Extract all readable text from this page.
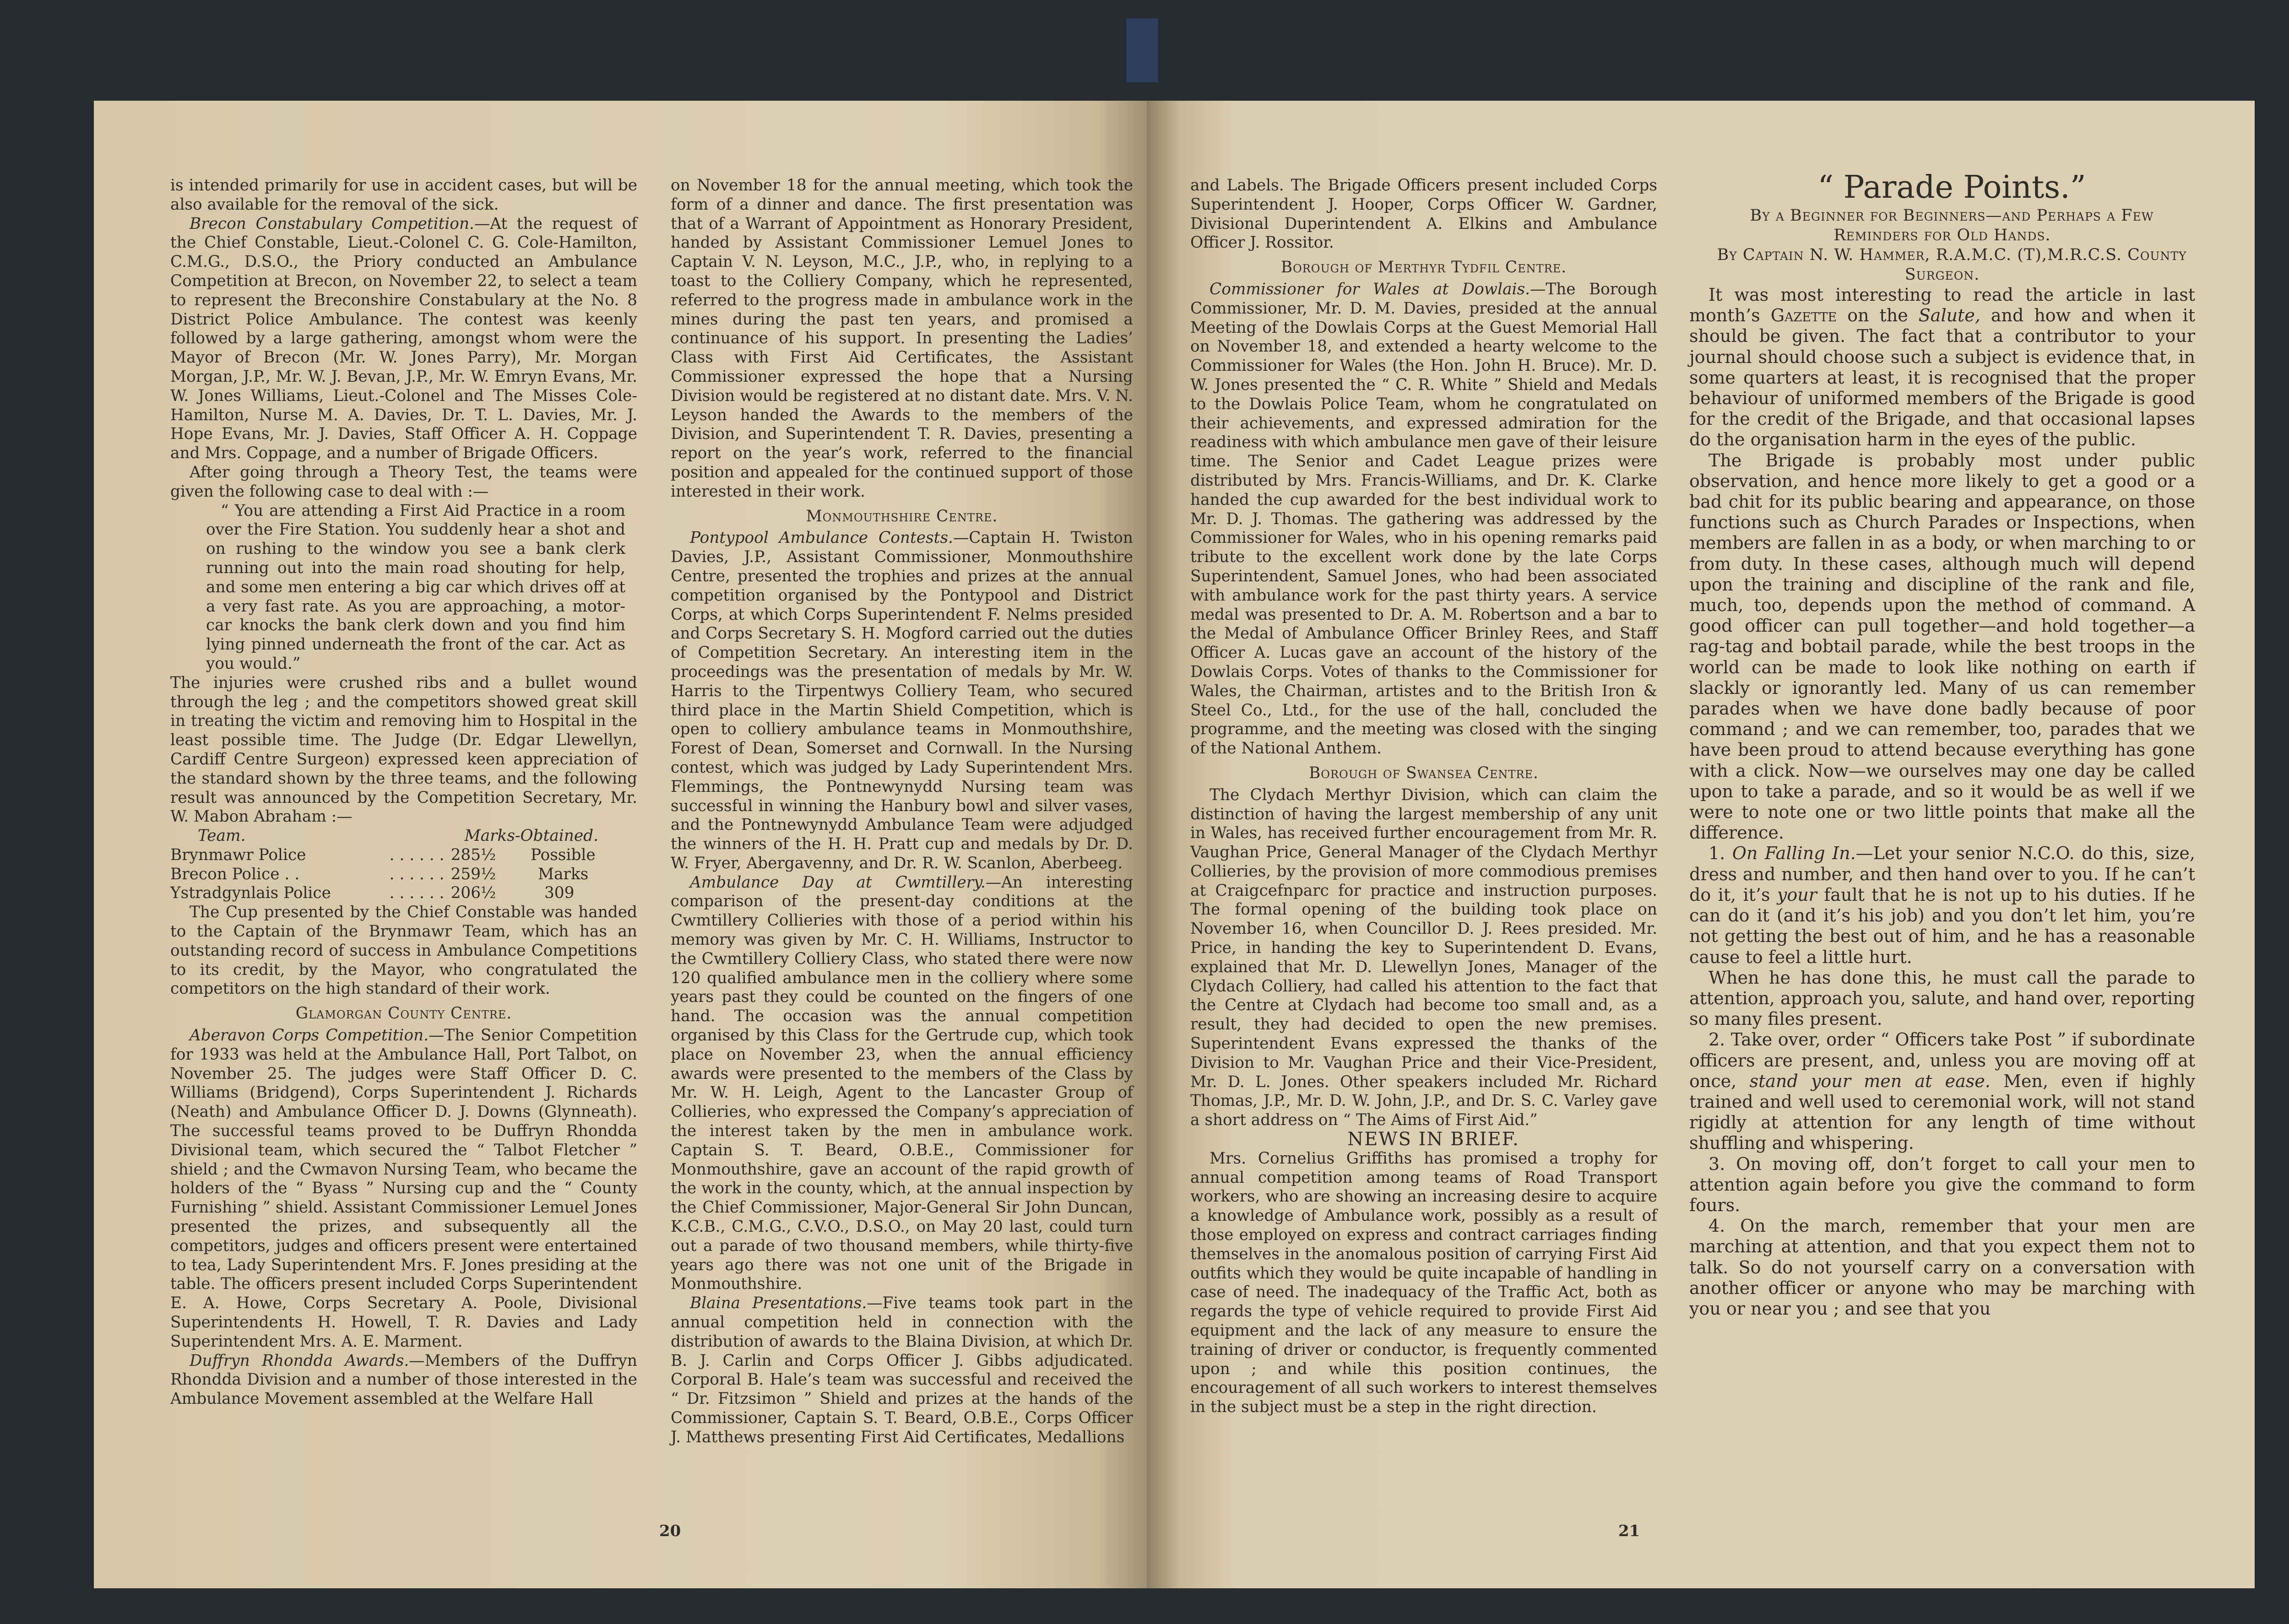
is intended primarily for use in accident cases, but will be also available for the removal of the sick.

Brecon Constabulary Competition.—At the request of the Chief Constable, Lieut.-Colonel C. G. Cole-Hamilton, C.M.G., D.S.O., the Priory conducted an Ambulance Competition at Brecon, on November 22, to select a team to represent the Breconshire Constabulary at the No. 8 District Police Ambulance. The contest was keenly followed by a large gathering, amongst whom were the Mayor of Brecon (Mr. W. Jones Parry), Mr. Morgan Morgan, J.P., Mr. W. J. Bevan, J.P., Mr. W. Emryn Evans, Mr. W. Jones Williams, Lieut.-Colonel and The Misses Cole-Hamilton, Nurse M. A. Davies, Dr. T. L. Davies, Mr. J. Hope Evans, Mr. J. Davies, Staff Officer A. H. Coppage and Mrs. Coppage, and a number of Brigade Officers.

After going through a Theory Test, the teams were given the following case to deal with :—

“ You are attending a First Aid Practice in a room over the Fire Station. You suddenly hear a shot and on rushing to the window you see a bank clerk running out into the main road shouting for help, and some men entering a big car which drives off at a very fast rate. As you are approaching, a motor-car knocks the bank clerk down and you find him lying pinned underneath the front of the car. Act as you would.”

The injuries were crushed ribs and a bullet wound through the leg ; and the competitors showed great skill in treating the victim and removing him to Hospital in the least possible time. The Judge (Dr. Edgar Llewellyn, Cardiff Centre Surgeon) expressed keen appreciation of the standard shown by the three teams, and the following result was announced by the Competition Secretary, Mr. W. Mabon Abraham :—

Team.		Marks-Obtained.	
Brynmawr Police	. . . . . .	285½	Possible
Brecon Police . .	. . . . . .	259½	Marks
Ystradgynlais Police	. . . . . .	206½	309

The Cup presented by the Chief Constable was handed to the Captain of the Brynmawr Team, which has an outstanding record of success in Ambulance Competitions to its credit, by the Mayor, who congratulated the competitors on the high standard of their work.

Glamorgan County Centre.

Aberavon Corps Competition.—The Senior Competition for 1933 was held at the Ambulance Hall, Port Talbot, on November 25. The judges were Staff Officer D. C. Williams (Bridgend), Corps Superintendent J. Richards (Neath) and Ambulance Officer D. J. Downs (Glynneath). The successful teams proved to be Duffryn Rhondda Divisional team, which secured the “ Talbot Fletcher ” shield ; and the Cwmavon Nursing Team, who became the holders of the “ Byass ” Nursing cup and the “ County Furnishing ” shield. Assistant Commissioner Lemuel Jones presented the prizes, and subsequently all the competitors, judges and officers present were entertained to tea, Lady Superintendent Mrs. F. Jones presiding at the table. The officers present included Corps Superintendent E. A. Howe, Corps Secretary A. Poole, Divisional Superintendents H. Howell, T. R. Davies and Lady Superintendent Mrs. A. E. Marment.

Duffryn Rhondda Awards.—Members of the Duffryn Rhondda Division and a number of those interested in the Ambulance Movement assembled at the Welfare Hall

on November 18 for the annual meeting, which took the form of a dinner and dance. The first presentation was that of a Warrant of Appointment as Honorary President, handed by Assistant Commissioner Lemuel Jones to Captain V. N. Leyson, M.C., J.P., who, in replying to a toast to the Colliery Company, which he represented, referred to the progress made in ambulance work in the mines during the past ten years, and promised a continuance of his support. In presenting the Ladies’ Class with First Aid Certificates, the Assistant Commissioner expressed the hope that a Nursing Division would be registered at no distant date. Mrs. V. N. Leyson handed the Awards to the members of the Division, and Superintendent T. R. Davies, presenting a report on the year’s work, referred to the financial position and appealed for the continued support of those interested in their work.

Monmouthshire Centre.

Pontypool Ambulance Contests.—Captain H. Twiston Davies, J.P., Assistant Commissioner, Monmouthshire Centre, presented the trophies and prizes at the annual competition organised by the Pontypool and District Corps, at which Corps Superintendent F. Nelms presided and Corps Secretary S. H. Mogford carried out the duties of Competition Secretary. An interesting item in the proceedings was the presentation of medals by Mr. W. Harris to the Tirpentwys Colliery Team, who secured third place in the Martin Shield Competition, which is open to colliery ambulance teams in Monmouthshire, Forest of Dean, Somerset and Cornwall. In the Nursing contest, which was judged by Lady Superintendent Mrs. Flemmings, the Pontnewynydd Nursing team was successful in winning the Hanbury bowl and silver vases, and the Pontnewynydd Ambulance Team were adjudged the winners of the H. H. Pratt cup and medals by Dr. D. W. Fryer, Abergavenny, and Dr. R. W. Scanlon, Aberbeeg.

Ambulance Day at Cwmtillery.—An interesting comparison of the present-day conditions at the Cwmtillery Collieries with those of a period within his memory was given by Mr. C. H. Williams, Instructor to the Cwmtillery Colliery Class, who stated there were now 120 qualified ambulance men in the colliery where some years past they could be counted on the fingers of one hand. The occasion was the annual competition organised by this Class for the Gertrude cup, which took place on November 23, when the annual efficiency awards were presented to the members of the Class by Mr. W. H. Leigh, Agent to the Lancaster Group of Collieries, who expressed the Company’s appreciation of the interest taken by the men in ambulance work. Captain S. T. Beard, O.B.E., Commissioner for Monmouthshire, gave an account of the rapid growth of the work in the county, which, at the annual inspection by the Chief Commissioner, Major-General Sir John Duncan, K.C.B., C.M.G., C.V.O., D.S.O., on May 20 last, could turn out a parade of two thousand members, while thirty-five years ago there was not one unit of the Brigade in Monmouthshire.

Blaina Presentations.—Five teams took part in the annual competition held in connection with the distribution of awards to the Blaina Division, at which Dr. B. J. Carlin and Corps Officer J. Gibbs adjudicated. Corporal B. Hale’s team was successful and received the “ Dr. Fitzsimon ” Shield and prizes at the hands of the Commissioner, Captain S. T. Beard, O.B.E., Corps Officer J. Matthews presenting First Aid Certificates, Medallions

20

and Labels. The Brigade Officers present included Corps Superintendent J. Hooper, Corps Officer W. Gardner, Divisional Duperintendent A. Elkins and Ambulance Officer J. Rossitor.

Borough of Merthyr Tydfil Centre.

Commissioner for Wales at Dowlais.—The Borough Commissioner, Mr. D. M. Davies, presided at the annual Meeting of the Dowlais Corps at the Guest Memorial Hall on November 18, and extended a hearty welcome to the Commissioner for Wales (the Hon. John H. Bruce). Mr. D. W. Jones presented the “ C. R. White ” Shield and Medals to the Dowlais Police Team, whom he congratulated on their achievements, and expressed admiration for the readiness with which ambulance men gave of their leisure time. The Senior and Cadet League prizes were distributed by Mrs. Francis-Williams, and Dr. K. Clarke handed the cup awarded for the best individual work to Mr. D. J. Thomas. The gathering was addressed by the Commissioner for Wales, who in his opening remarks paid tribute to the excellent work done by the late Corps Superintendent, Samuel Jones, who had been associated with ambulance work for the past thirty years. A service medal was presented to Dr. A. M. Robertson and a bar to the Medal of Ambulance Officer Brinley Rees, and Staff Officer A. Lucas gave an account of the history of the Dowlais Corps. Votes of thanks to the Commissioner for Wales, the Chairman, artistes and to the British Iron & Steel Co., Ltd., for the use of the hall, concluded the programme, and the meeting was closed with the singing of the National Anthem.

Borough of Swansea Centre.

The Clydach Merthyr Division, which can claim the distinction of having the largest membership of any unit in Wales, has received further encouragement from Mr. R. Vaughan Price, General Manager of the Clydach Merthyr Collieries, by the provision of more commodious premises at Craigcefnparc for practice and instruction purposes. The formal opening of the building took place on November 16, when Councillor D. J. Rees presided. Mr. Price, in handing the key to Superintendent D. Evans, explained that Mr. D. Llewellyn Jones, Manager of the Clydach Colliery, had called his attention to the fact that the Centre at Clydach had become too small and, as a result, they had decided to open the new premises. Superintendent Evans expressed the thanks of the Division to Mr. Vaughan Price and their Vice-President, Mr. D. L. Jones. Other speakers included Mr. Richard Thomas, J.P., Mr. D. W. John, J.P., and Dr. S. C. Varley gave a short address on “ The Aims of First Aid.”

NEWS IN BRIEF.

Mrs. Cornelius Griffiths has promised a trophy for annual competition among teams of Road Transport workers, who are showing an increasing desire to acquire a knowledge of Ambulance work, possibly as a result of those employed on express and contract carriages finding themselves in the anomalous position of carrying First Aid outfits which they would be quite incapable of handling in case of need. The inadequacy of the Traffic Act, both as regards the type of vehicle required to provide First Aid equipment and the lack of any measure to ensure the training of driver or conductor, is frequently commented upon ; and while this position continues, the encouragement of all such workers to interest themselves in the subject must be a step in the right direction.

“ Parade Points.”

By a Beginner for Beginners—and Perhaps a Few Reminders for Old Hands.

By Captain N. W. Hammer, R.A.M.C. (T),M.R.C.S. County Surgeon.

It was most interesting to read the article in last month’s Gazette on the Salute, and how and when it should be given. The fact that a contributor to your journal should choose such a subject is evidence that, in some quarters at least, it is recognised that the proper behaviour of uniformed members of the Brigade is good for the credit of the Brigade, and that occasional lapses do the organisation harm in the eyes of the public.

The Brigade is probably most under public observation, and hence more likely to get a good or a bad chit for its public bearing and appearance, on those functions such as Church Parades or Inspections, when members are fallen in as a body, or when marching to or from duty. In these cases, although much will depend upon the training and discipline of the rank and file, much, too, depends upon the method of command. A good officer can pull together—and hold together—a rag-tag and bobtail parade, while the best troops in the world can be made to look like nothing on earth if slackly or ignorantly led. Many of us can remember parades when we have done badly because of poor command ; and we can remember, too, parades that we have been proud to attend because everything has gone with a click. Now—we ourselves may one day be called upon to take a parade, and so it would be as well if we were to note one or two little points that make all the difference.

1. On Falling In.—Let your senior N.C.O. do this, size, dress and number, and then hand over to you. If he can’t do it, it’s your fault that he is not up to his duties. If he can do it (and it’s his job) and you don’t let him, you’re not getting the best out of him, and he has a reasonable cause to feel a little hurt.

When he has done this, he must call the parade to attention, approach you, salute, and hand over, reporting so many files present.

2. Take over, order “ Officers take Post ” if subordinate officers are present, and, unless you are moving off at once, stand your men at ease. Men, even if highly trained and well used to ceremonial work, will not stand rigidly at attention for any length of time without shuffling and whispering.

3. On moving off, don’t forget to call your men to attention again before you give the command to form fours.

4. On the march, remember that your men are marching at attention, and that you expect them not to talk. So do not yourself carry on a conversation with another officer or anyone who may be marching with you or near you ; and see that you

21
